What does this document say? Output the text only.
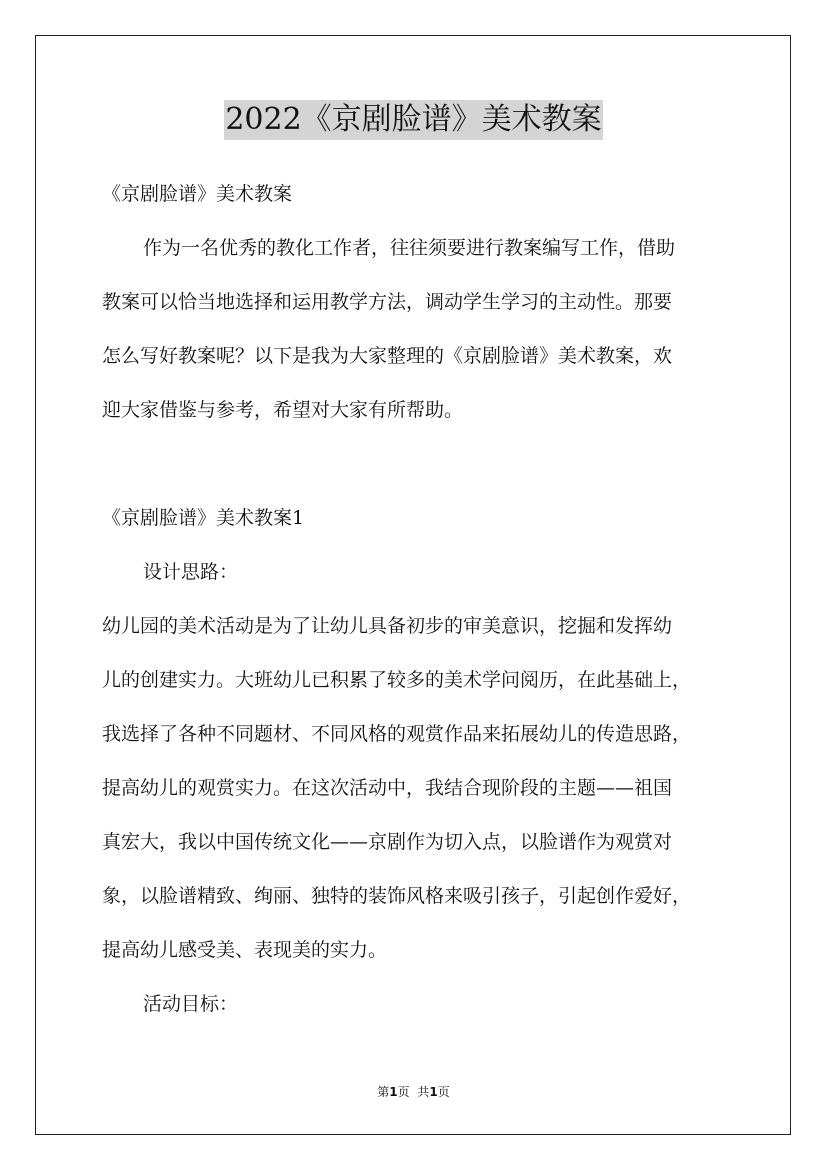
2022《京剧脸谱》美术教案
《京剧脸谱》美术教案
作为一名优秀的教化工作者，往往须要进行教案编写工作，借助
教案可以恰当地选择和运用教学方法，调动学生学习的主动性。那要
怎么写好教案呢？以下是我为大家整理的《京剧脸谱》美术教案，欢
迎大家借鉴与参考，希望对大家有所帮助。
《京剧脸谱》美术教案1
设计思路：
幼儿园的美术活动是为了让幼儿具备初步的审美意识，挖掘和发挥幼
儿的创建实力。大班幼儿已积累了较多的美术学问阅历，在此基础上，
我选择了各种不同题材、不同风格的观赏作品来拓展幼儿的传造思路，
提高幼儿的观赏实力。在这次活动中，我结合现阶段的主题——祖国
真宏大，我以中国传统文化——京剧作为切入点，以脸谱作为观赏对
象，以脸谱精致、绚丽、独特的装饰风格来吸引孩子，引起创作爱好，
提高幼儿感受美、表现美的实力。
活动目标：
第1页 共1页
